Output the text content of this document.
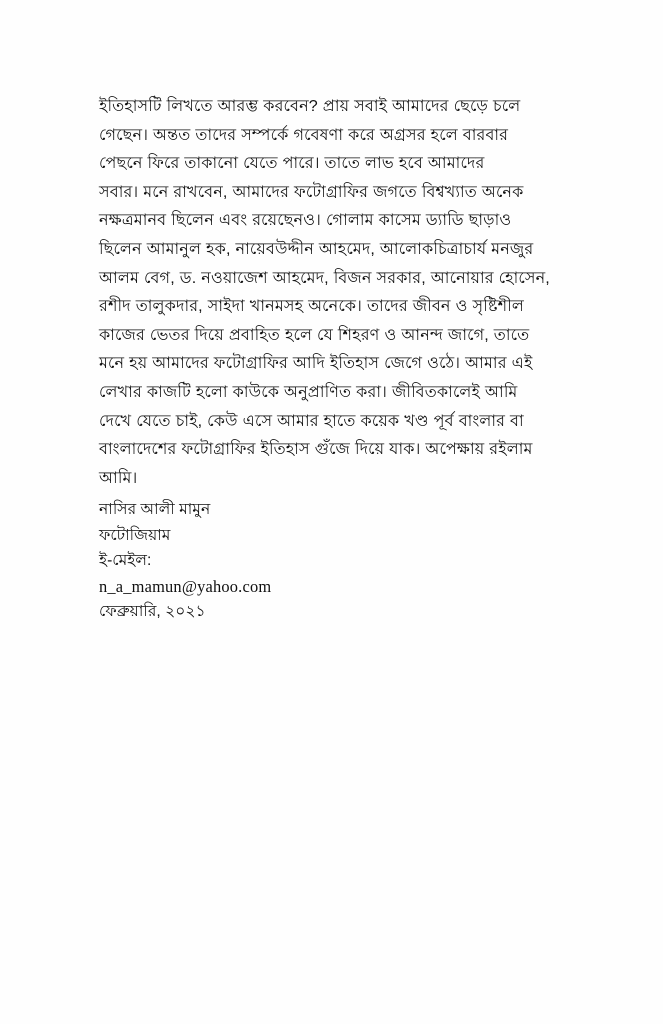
ইতিহাসটি লিখতে আরম্ভ করবেন? প্রায় সবাই আমাদের ছেড়ে চলে
গেছেন। অন্তত তাদের সম্পর্কে গবেষণা করে অগ্রসর হলে বারবার
পেছনে ফিরে তাকানো যেতে পারে। তাতে লাভ হবে আমাদের
সবার। মনে রাখবেন, আমাদের ফটোগ্রাফির জগতে বিশ্বখ্যাত অনেক
নক্ষত্রমানব ছিলেন এবং রয়েছেনও। গোলাম কাসেম ড্যাডি ছাড়াও
ছিলেন আমানুল হক, নায়েবউদ্দীন আহমেদ, আলোকচিত্রাচার্য মনজুর
আলম বেগ, ড. নওয়াজেশ আহমেদ, বিজন সরকার, আনোয়ার হোসেন,
রশীদ তালুকদার, সাইদা খানমসহ অনেকে। তাদের জীবন ও সৃষ্টিশীল
কাজের ভেতর দিয়ে প্রবাহিত হলে যে শিহরণ ও আনন্দ জাগে, তাতে
মনে হয় আমাদের ফটোগ্রাফির আদি ইতিহাস জেগে ওঠে। আমার এই
লেখার কাজটি হলো কাউকে অনুপ্রাণিত করা। জীবিতকালেই আমি
দেখে যেতে চাই, কেউ এসে আমার হাতে কয়েক খণ্ড পূর্ব বাংলার বা
বাংলাদেশের ফটোগ্রাফির ইতিহাস গুঁজে দিয়ে যাক। অপেক্ষায় রইলাম
আমি।

নাসির আলী মামুন

ফটোজিয়াম

ই-মেইল:

n_a_mamun@yahoo.com

ফেব্রুয়ারি, ২০২১
